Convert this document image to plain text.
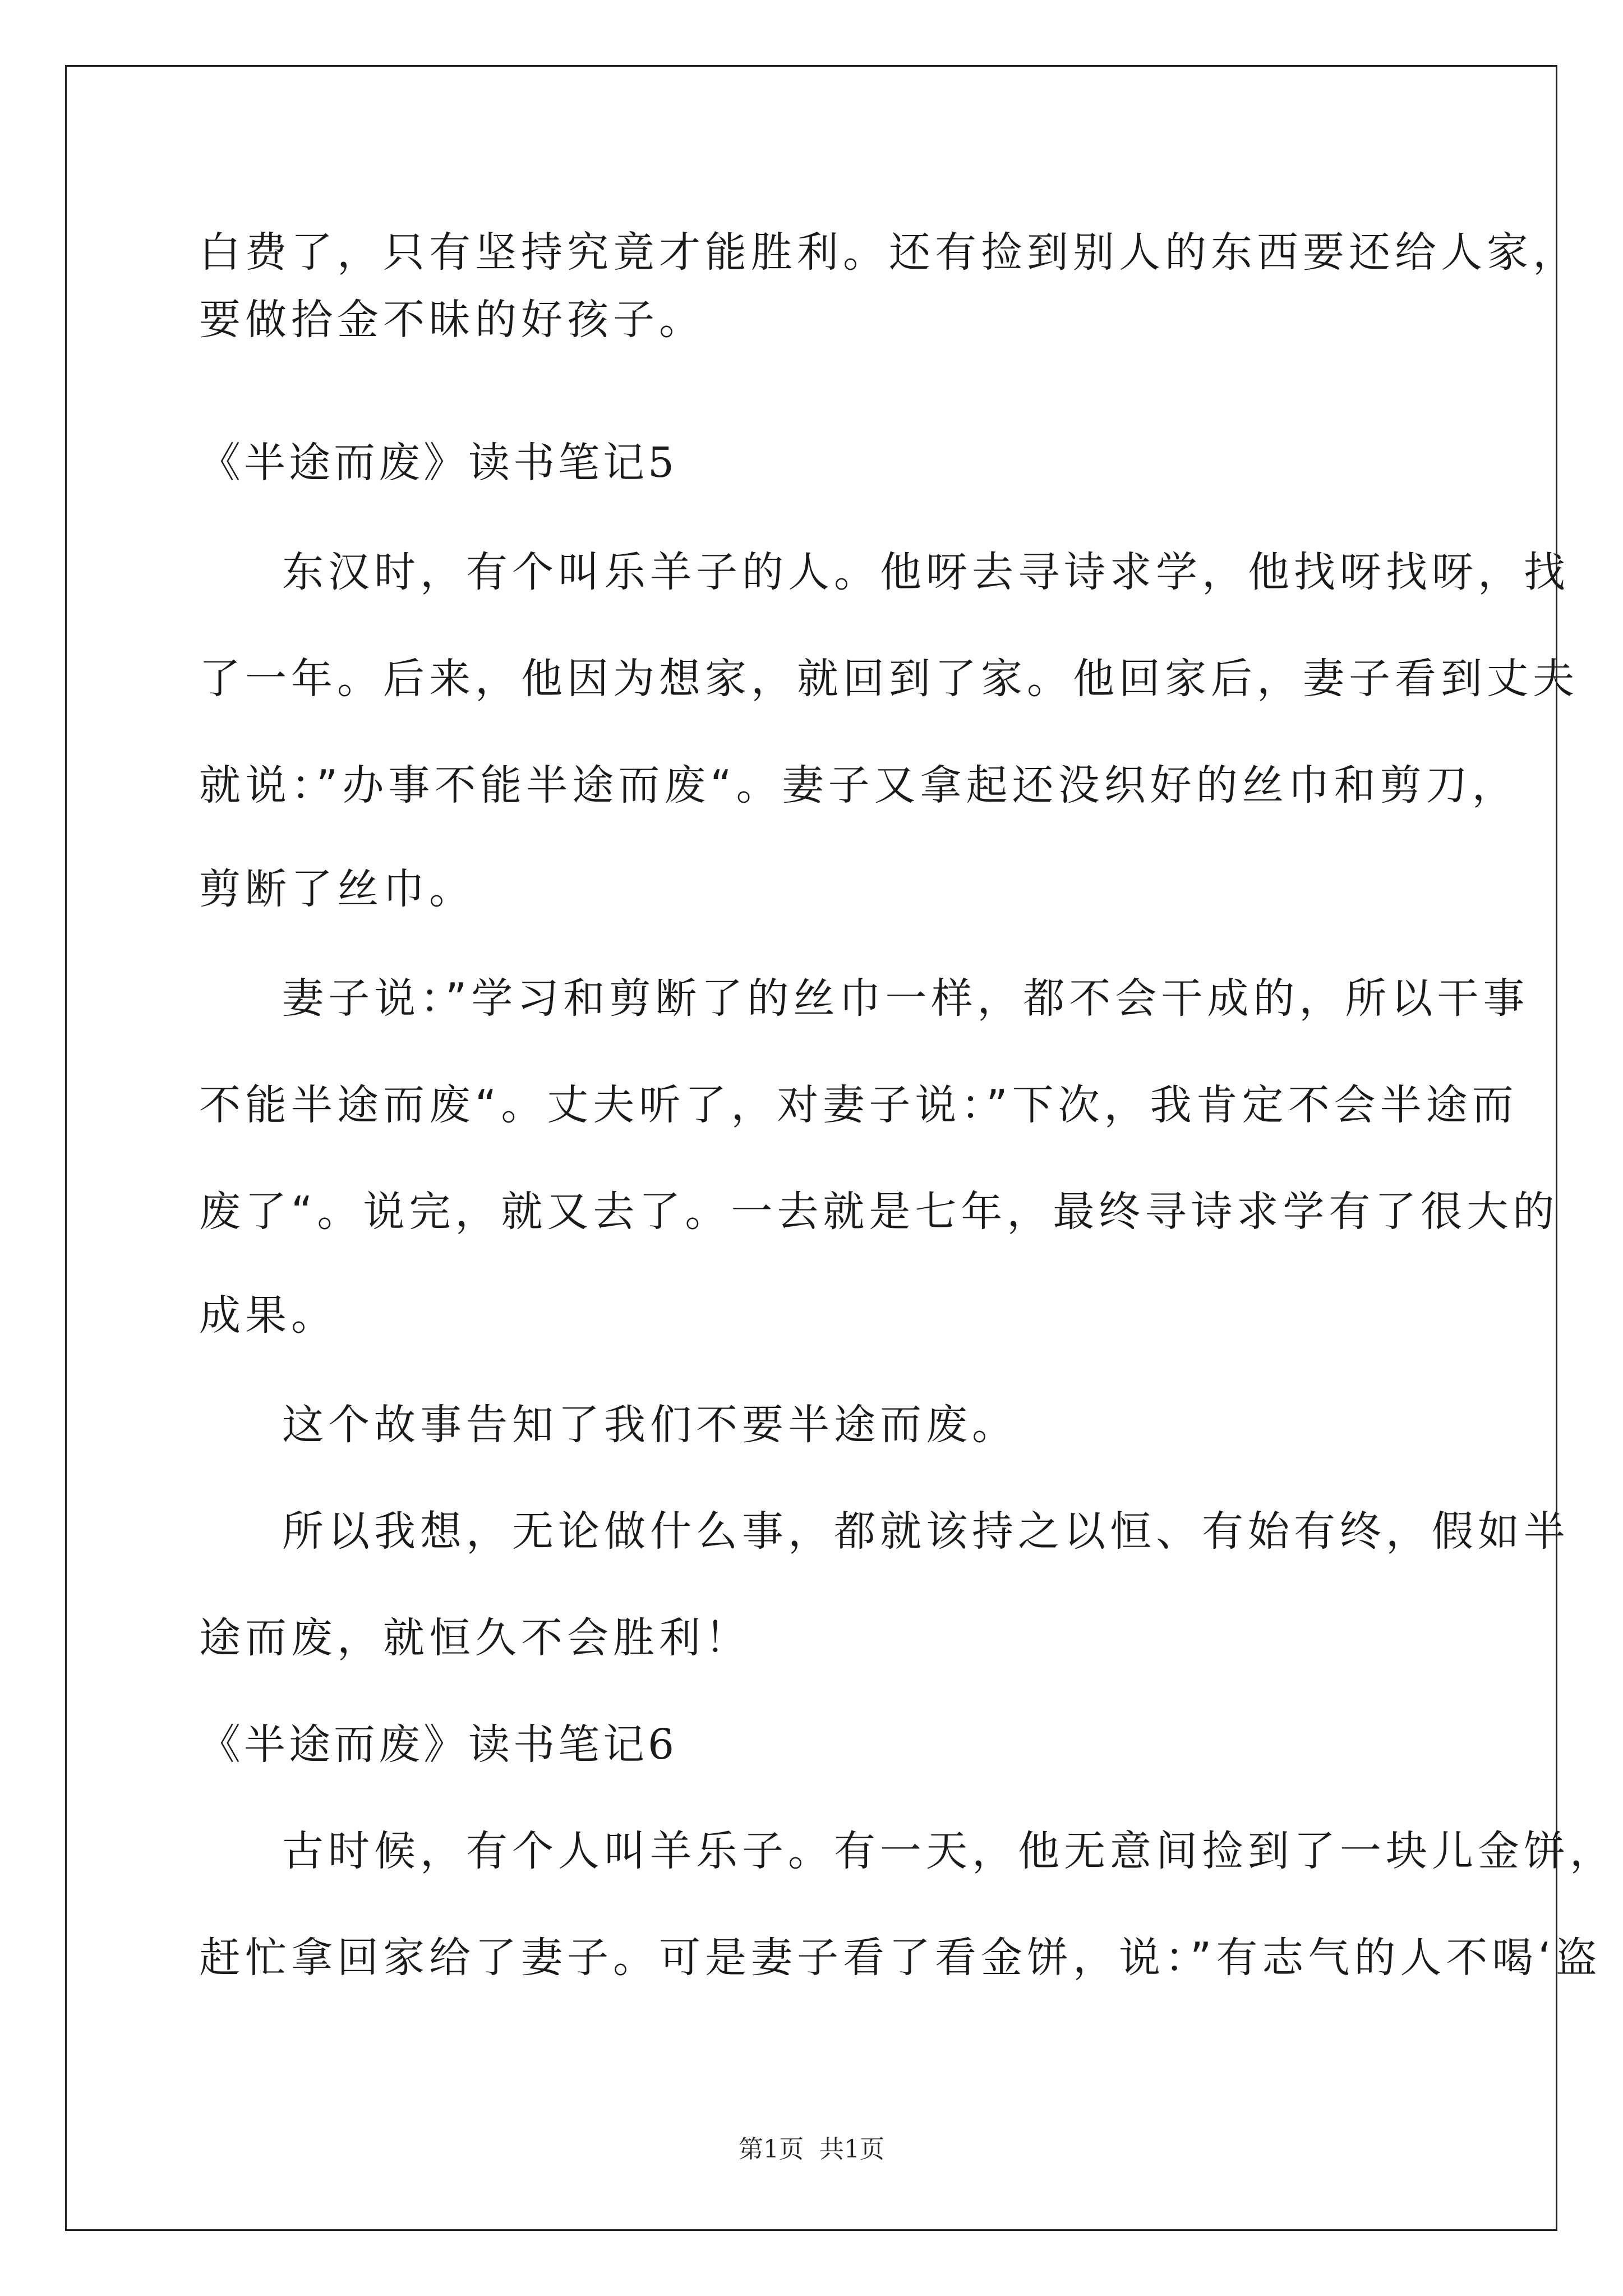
白费了，只有坚持究竟才能胜利。还有捡到别人的东西要还给人家，
要做拾金不昧的好孩子。
《半途而废》读书笔记5
东汉时，有个叫乐羊子的人。他呀去寻诗求学，他找呀找呀，找
了一年。后来，他因为想家，就回到了家。他回家后，妻子看到丈夫
就说：”办事不能半途而废“。妻子又拿起还没织好的丝巾和剪刀，
剪断了丝巾。
妻子说：”学习和剪断了的丝巾一样，都不会干成的，所以干事
不能半途而废“。丈夫听了，对妻子说：”下次，我肯定不会半途而
废了“。说完，就又去了。一去就是七年，最终寻诗求学有了很大的
成果。
这个故事告知了我们不要半途而废。
所以我想，无论做什么事，都就该持之以恒、有始有终，假如半
途而废，就恒久不会胜利！
《半途而废》读书笔记6
古时候，有个人叫羊乐子。有一天，他无意间捡到了一块儿金饼，
赶忙拿回家给了妻子。可是妻子看了看金饼，说：”有志气的人不喝‘盗
第1页 共1页
